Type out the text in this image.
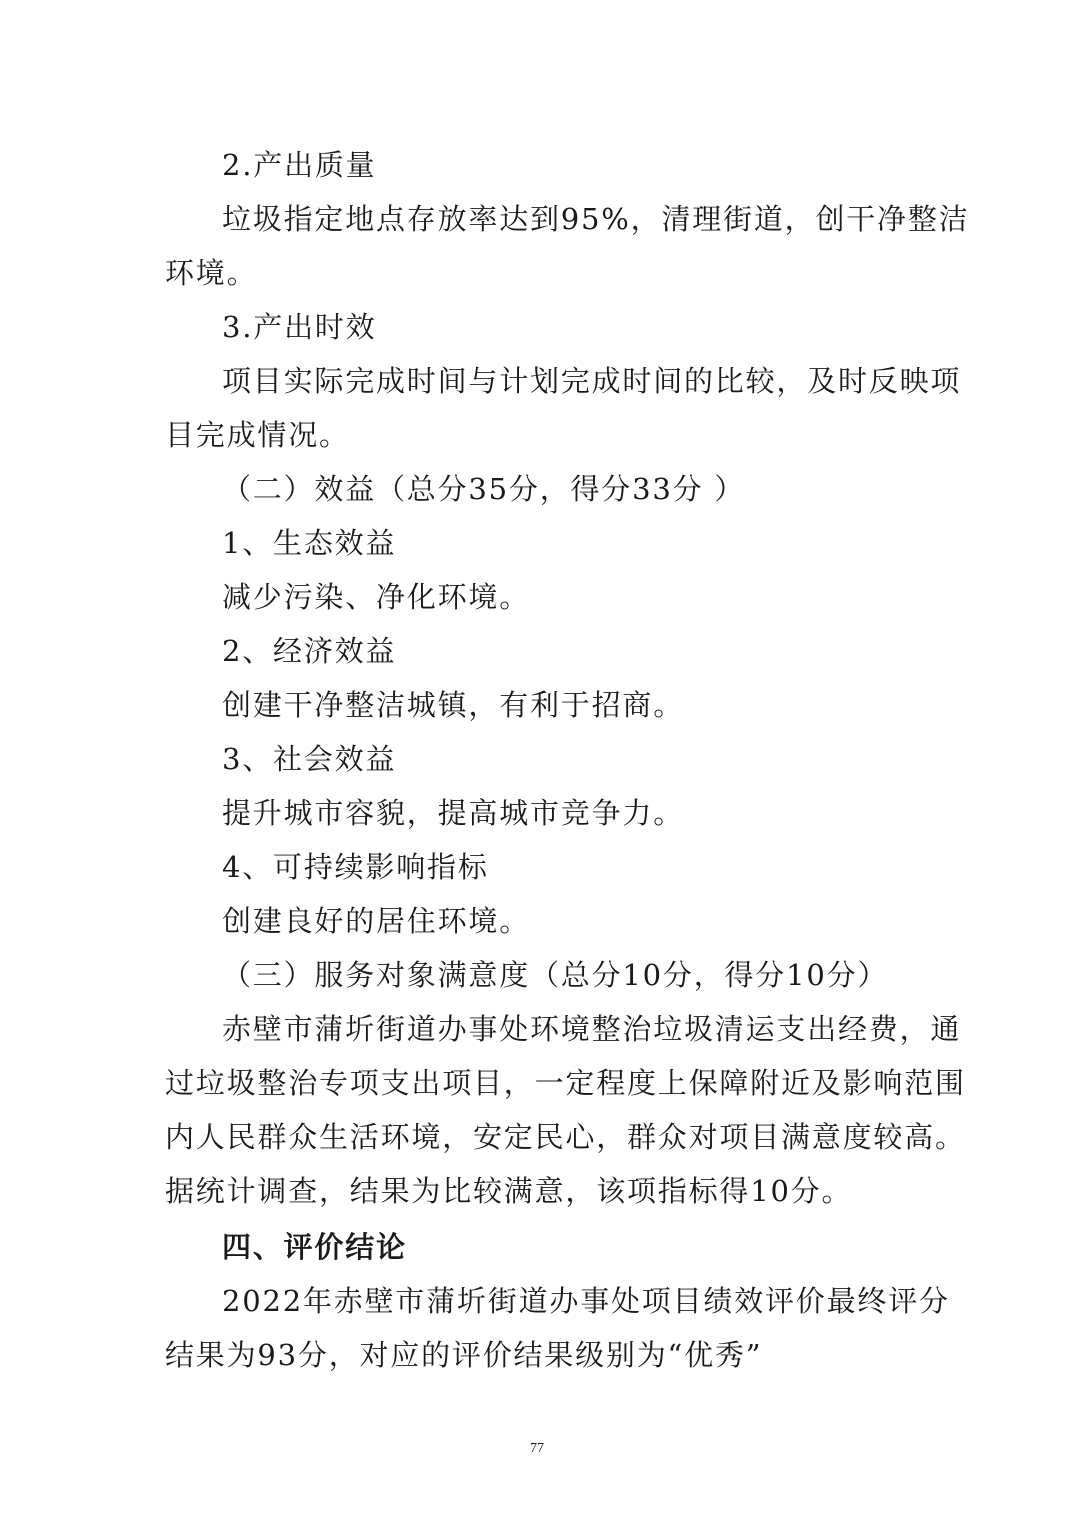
2.产出质量
垃圾指定地点存放率达到95%，清理街道，创干净整洁
环境。
3.产出时效
项目实际完成时间与计划完成时间的比较，及时反映项
目完成情况。
（二）效益（总分35分，得分33分 ）
1、生态效益
减少污染、净化环境。
2、经济效益
创建干净整洁城镇，有利于招商。
3、社会效益
提升城市容貌，提高城市竞争力。
4、可持续影响指标
创建良好的居住环境。
（三）服务对象满意度（总分10分，得分10分）
赤壁市蒲圻街道办事处环境整治垃圾清运支出经费，通
过垃圾整治专项支出项目，一定程度上保障附近及影响范围
内人民群众生活环境，安定民心，群众对项目满意度较高。
据统计调查，结果为比较满意，该项指标得10分。
四、评价结论
2022年赤壁市蒲圻街道办事处项目绩效评价最终评分
结果为93分，对应的评价结果级别为“优秀”
77
